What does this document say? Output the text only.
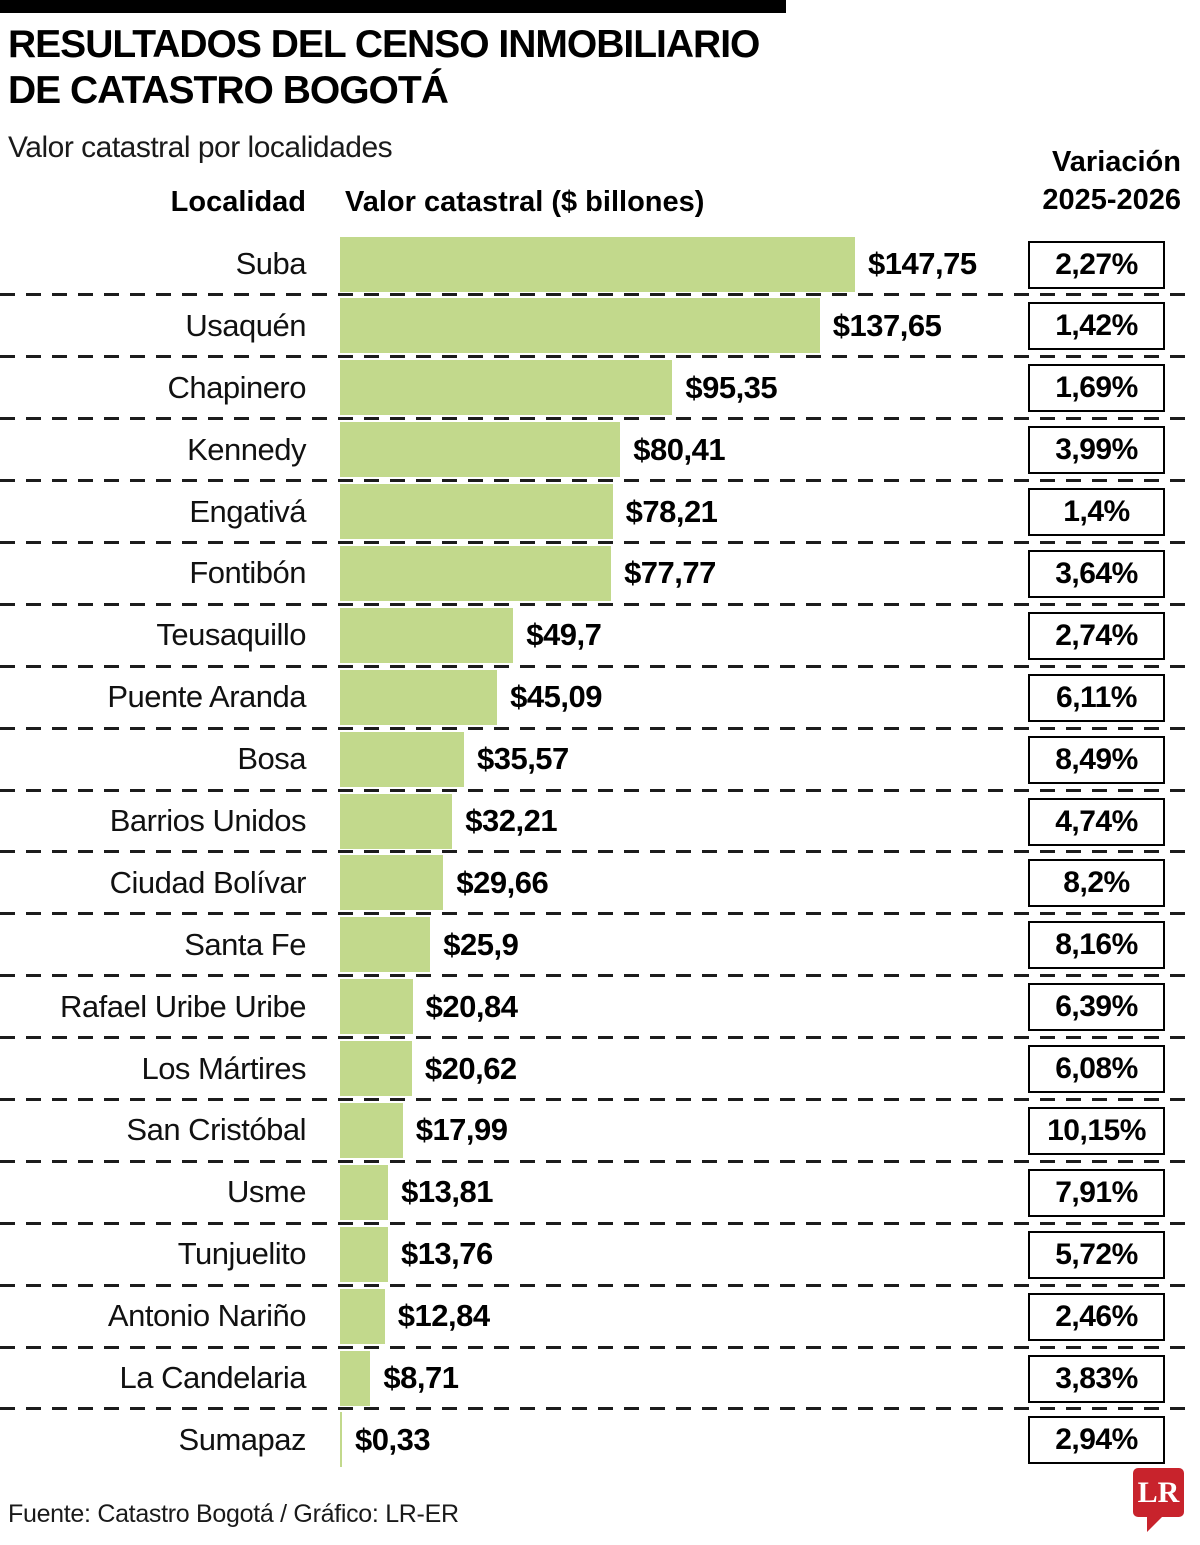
RESULTADOS DEL CENSO INMOBILIARIO
DE CATASTRO BOGOTÁ
Valor catastral por localidades
Localidad Valor catastral ($ billones)
Variación
2025-2026
Suba	$147,75	2,27%
Usaquén	$137,65	1,42%
Chapinero	$95,35	1,69%
Kennedy	$80,41	3,99%
Engativá	$78,21	1,4%
Fontibón	$77,77	3,64%
Teusaquillo	$49,7	2,74%
Puente Aranda	$45,09	6,11%
Bosa	$35,57	8,49%
Barrios Unidos	$32,21	4,74%
Ciudad Bolívar	$29,66	8,2%
Santa Fe	$25,9	8,16%
Rafael Uribe Uribe	$20,84	6,39%
Los Mártires	$20,62	6,08%
San Cristóbal	$17,99	10,15%
Usme	$13,81	7,91%
Tunjuelito	$13,76	5,72%
Antonio Nariño	$12,84	2,46%
La Candelaria $8,71	3,83%
Sumapaz $0,33	2,94%
Fuente: Catastro Bogotá / Gráfico: LR-ER
LR
